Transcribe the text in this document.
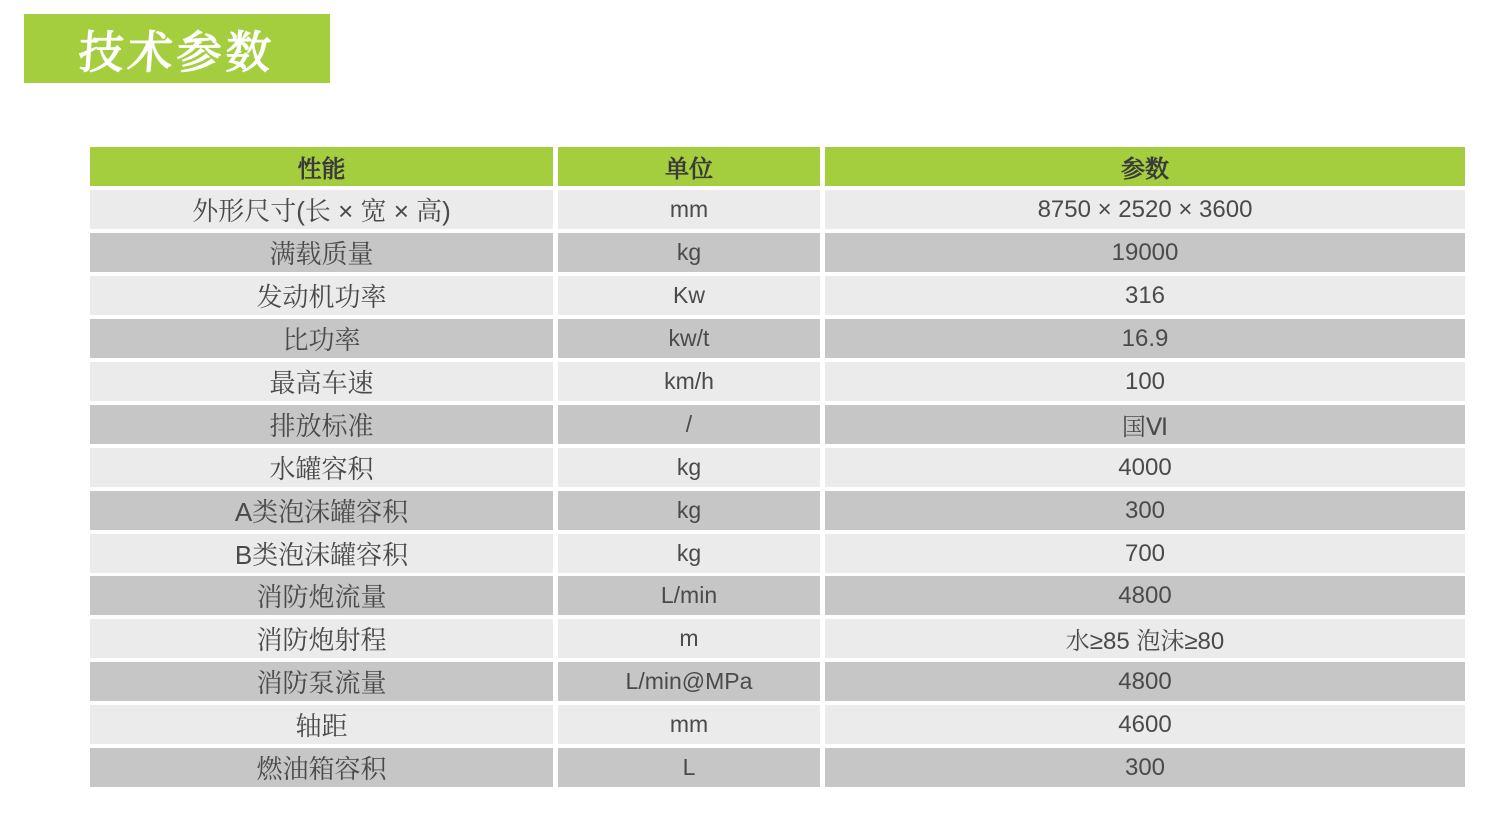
技术参数
性能	单位	参数
外形尺寸(长 × 宽 × 高)	mm	8750 × 2520 × 3600
满载质量	kg	19000
发动机功率	Kw	316
比功率	kw/t	16.9
最高车速	km/h	100
排放标准	/	国Ⅵ
水罐容积	kg	4000
A类泡沫罐容积	kg	300
B类泡沫罐容积	kg	700
消防炮流量	L/min	4800
消防炮射程	m	水≥85 泡沫≥80
消防泵流量	L/min@MPa	4800
轴距	mm	4600
燃油箱容积	L	300
